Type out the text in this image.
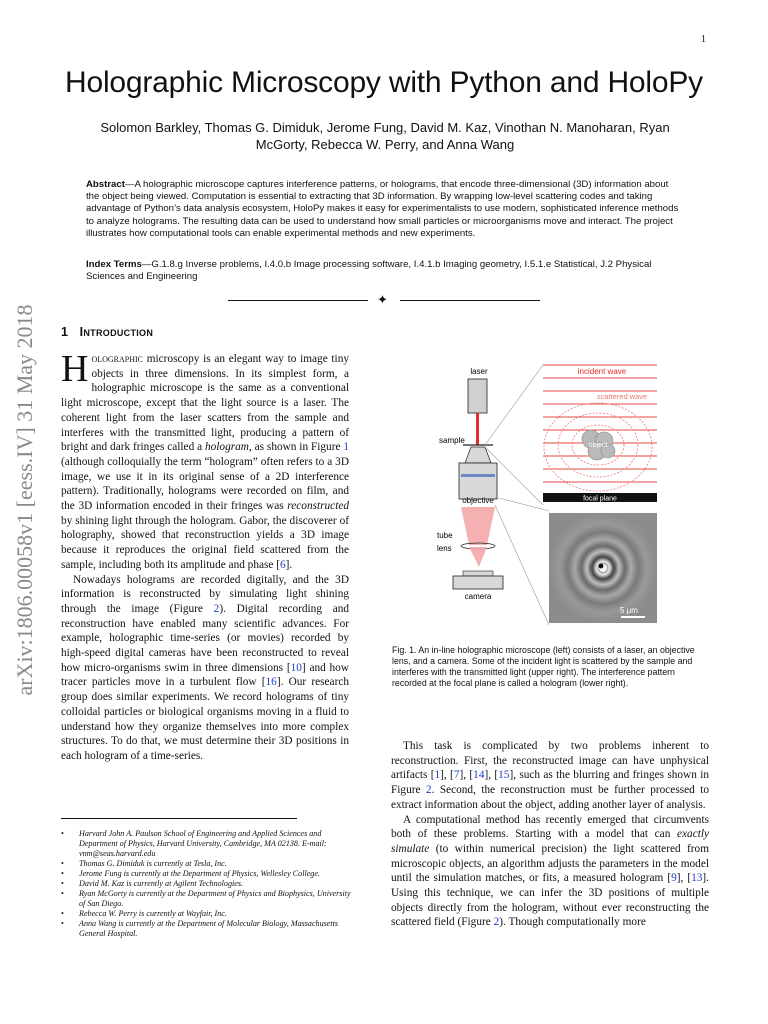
1
Holographic Microscopy with Python and HoloPy
Solomon Barkley, Thomas G. Dimiduk, Jerome Fung, David M. Kaz, Vinothan N. Manoharan, Ryan McGorty, Rebecca W. Perry, and Anna Wang
Abstract—A holographic microscope captures interference patterns, or holograms, that encode three-dimensional (3D) information about the object being viewed. Computation is essential to extracting that 3D information. By wrapping low-level scattering codes and taking advantage of Python’s data analysis ecosystem, HoloPy makes it easy for experimentalists to use modern, sophisticated inference methods to analyze holograms. The resulting data can be used to understand how small particles or microorganisms move and interact. The project illustrates how computational tools can enable experimental methods and new experiments.
Index Terms—G.1.8.g Inverse problems, I.4.0.b Image processing software, I.4.1.b Imaging geometry, I.5.1.e Statistical, J.2 Physical Sciences and Engineering
✦
arXiv:1806.00058v1 [eess.IV] 31 May 2018 1 Introduction

Holographic microscopy is an elegant way to image tiny objects in three dimensions. In its simplest form, a holographic microscope is the same as a conventional light microscope, except that the light source is a laser. The coherent light from the laser scatters from the sample and interferes with the transmitted light, producing a pattern of bright and dark fringes called a hologram, as shown in Figure 1 (although colloquially the term “hologram” often refers to a 3D image, we use it in its original sense of a 2D interference pattern). Traditionally, holograms were recorded on film, and the 3D information encoded in their fringes was reconstructed by shining light through the hologram. Gabor, the discoverer of holography, showed that reconstruction yields a 3D image because it reproduces the original field scattered from the sample, including both its amplitude and phase [6].

Nowadays holograms are recorded digitally, and the 3D information is reconstructed by simulating light shining through the image (Figure 2). Digital recording and reconstruction have enabled many scientific advances. For example, holographic time-series (or movies) recorded by high-speed digital cameras have been reconstructed to reveal how micro-organisms swim in three dimensions [10] and how tracer particles move in a turbulent flow [16]. Our research group does similar experiments. We record holograms of tiny colloidal particles or biological organisms moving in a fluid to understand how they organize themselves into more complex structures. To do that, we must determine their 3D positions in each hologram of a time-series.

• Harvard John A. Paulson School of Engineering and Applied Sciences and Department of Physics, Harvard University, Cambridge, MA 02138. E-mail: vnm@seas.harvard.edu
• Thomas G. Dimiduk is currently at Tesla, Inc.
• Jerome Fung is currently at the Department of Physics, Wellesley College.
• David M. Kaz is currently at Agilent Technologies.
• Ryan McGorty is currently at the Department of Physics and Biophysics, University of San Diego.
• Rebecca W. Perry is currently at Wayfair, Inc.
• Anna Wang is currently at the Department of Molecular Biology, Massachusetts General Hospital.
laser
sample
objective
tube
lens
camera
object
incident wave
scattered wave
focal plane
5 μm
Fig. 1. An in-line holographic microscope (left) consists of a laser, an objective lens, and a camera. Some of the incident light is scattered by the sample and interferes with the transmitted light (upper right). The interference pattern recorded at the focal plane is called a hologram (lower right).

This task is complicated by two problems inherent to reconstruction. First, the reconstructed image can have unphysical artifacts [1], [7], [14], [15], such as the blurring and fringes shown in Figure 2. Second, the reconstruction must be further processed to extract information about the object, adding another layer of analysis.

A computational method has recently emerged that circumvents both of these problems. Starting with a model that can exactly simulate (to within numerical precision) the light scattered from microscopic objects, an algorithm adjusts the parameters in the model until the simulation matches, or fits, a measured hologram [9], [13]. Using this technique, we can infer the 3D positions of multiple objects directly from the hologram, without ever reconstructing the scattered field (Figure 2). Though computationally more
